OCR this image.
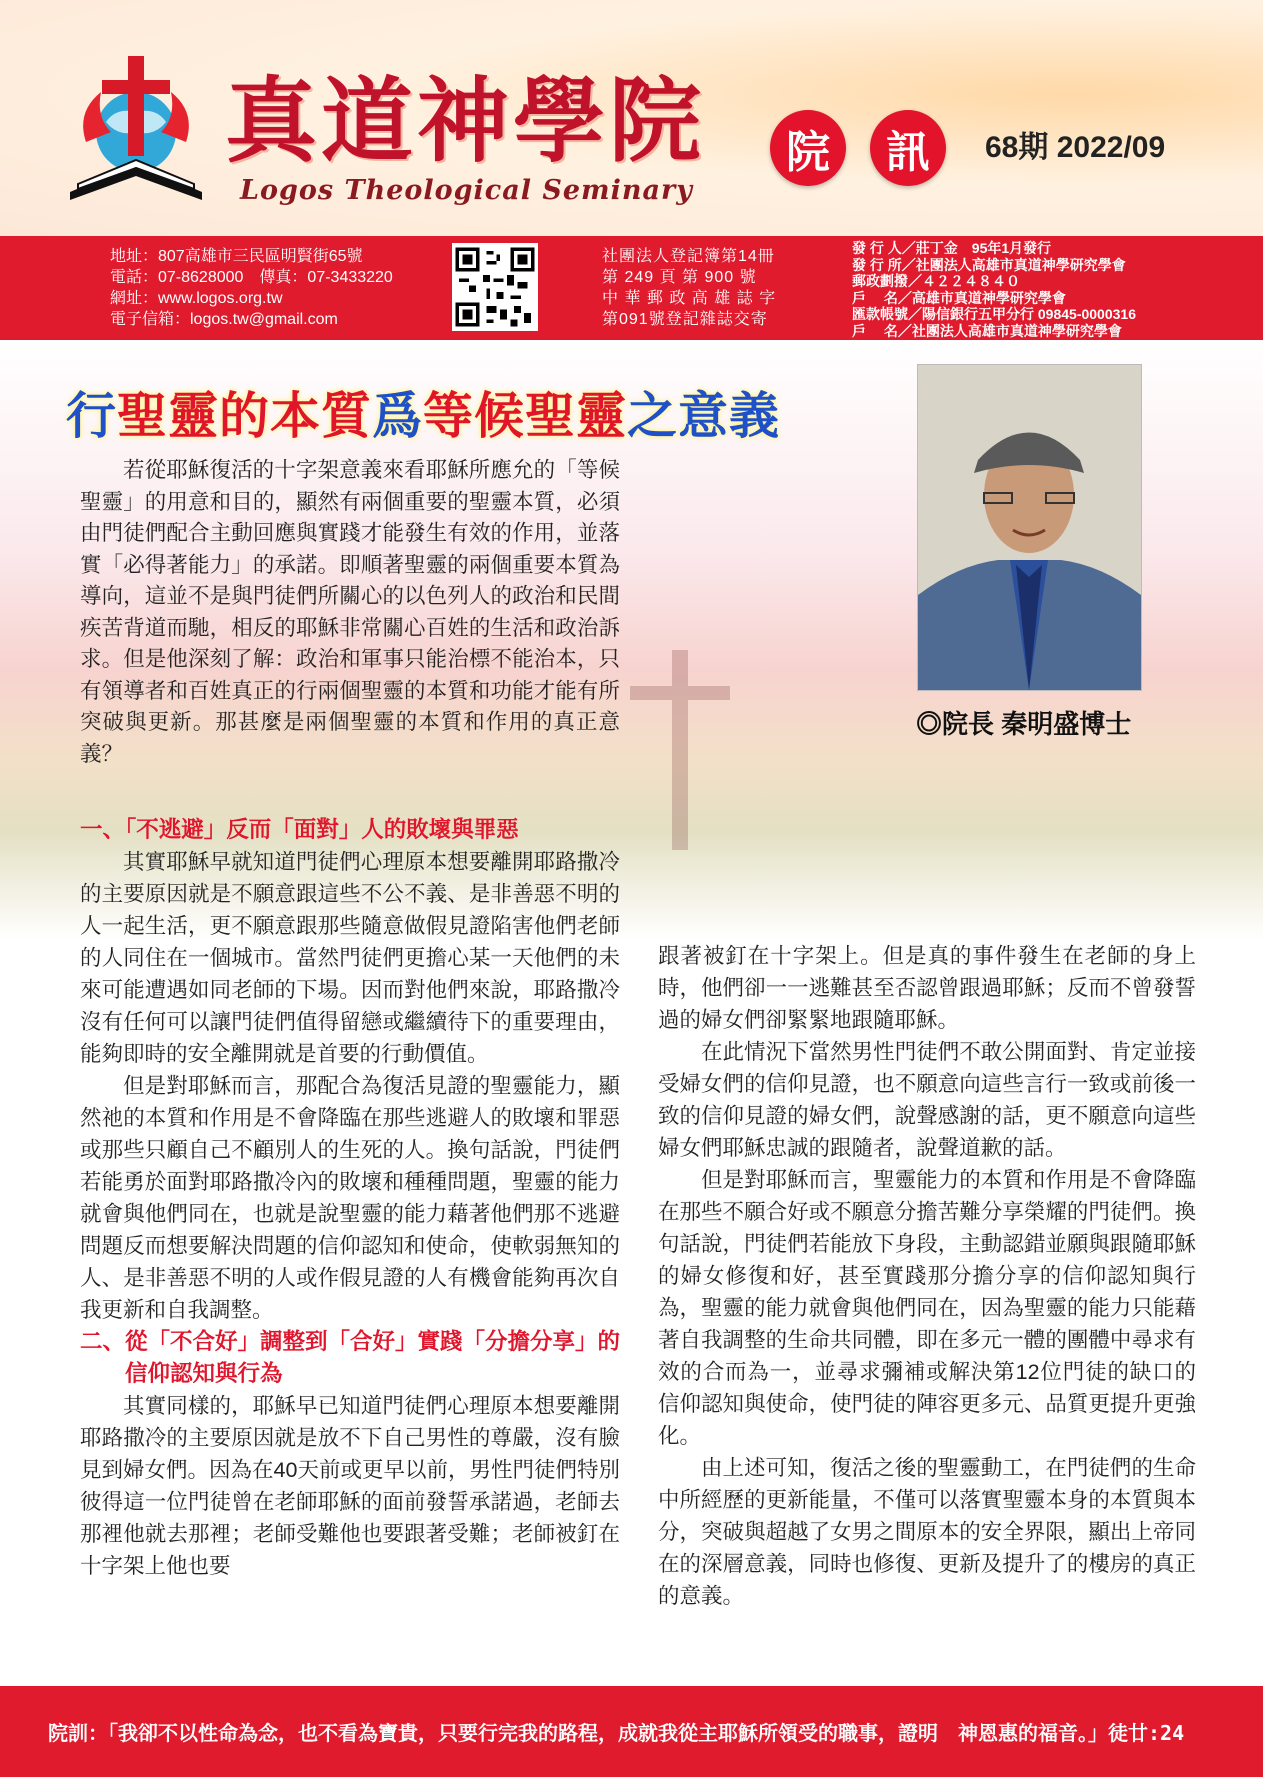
真道神學院
Logos Theological Seminary
院	訊	68期 2022/09
地址：807高雄市三民區明賢街65號
電話：07-8628000　傳真：07-3433220
網址：www.logos.org.tw
電子信箱：logos.tw@gmail.com
社團法人登記簿第14冊
第 249 頁 第 900 號
中 華 郵 政 高 雄 誌 字
第091號登記雜誌交寄
發 行 人／莊丁金　95年1月發行
發 行 所／社團法人高雄市真道神學研究學會
郵政劃撥／４２２４８４０
戶　 名／高雄市真道神學研究學會
匯款帳號／陽信銀行五甲分行 09845-0000316
戶　 名／社團法人高雄市真道神學研究學會
行聖靈的本質爲等候聖靈之意義
◎院長 秦明盛博士

若從耶穌復活的十字架意義來看耶穌所應允的「等候聖靈」的用意和目的，顯然有兩個重要的聖靈本質，必須由門徒們配合主動回應與實踐才能發生有效的作用，並落實「必得著能力」的承諾。即順著聖靈的兩個重要本質為導向，這並不是與門徒們所關心的以色列人的政治和民間疾苦背道而馳，相反的耶穌非常關心百姓的生活和政治訴求。但是他深刻了解：政治和軍事只能治標不能治本，只有領導者和百姓真正的行兩個聖靈的本質和功能才能有所突破與更新。那甚麼是兩個聖靈的本質和作用的真正意義？

一、「不逃避」反而「面對」人的敗壞與罪惡

其實耶穌早就知道門徒們心理原本想要離開耶路撒冷的主要原因就是不願意跟這些不公不義、是非善惡不明的人一起生活，更不願意跟那些隨意做假見證陷害他們老師的人同住在一個城市。當然門徒們更擔心某一天他們的未來可能遭遇如同老師的下場。因而對他們來說，耶路撒冷沒有任何可以讓門徒們值得留戀或繼續待下的重要理由，能夠即時的安全離開就是首要的行動價值。

但是對耶穌而言，那配合為復活見證的聖靈能力，顯然祂的本質和作用是不會降臨在那些逃避人的敗壞和罪惡或那些只顧自己不顧別人的生死的人。換句話說，門徒們若能勇於面對耶路撒冷內的敗壞和種種問題，聖靈的能力就會與他們同在，也就是說聖靈的能力藉著他們那不逃避問題反而想要解決問題的信仰認知和使命，使軟弱無知的人、是非善惡不明的人或作假見證的人有機會能夠再次自我更新和自我調整。

二、從「不合好」調整到「合好」實踐「分擔分享」的信仰認知與行為

其實同樣的，耶穌早已知道門徒們心理原本想要離開耶路撒冷的主要原因就是放不下自己男性的尊嚴，沒有臉見到婦女們。因為在40天前或更早以前，男性門徒們特別彼得這一位門徒曾在老師耶穌的面前發誓承諾過，老師去那裡他就去那裡；老師受難他也要跟著受難；老師被釘在十字架上他也要

跟著被釘在十字架上。但是真的事件發生在老師的身上時，他們卻一一逃難甚至否認曾跟過耶穌；反而不曾發誓過的婦女們卻緊緊地跟隨耶穌。

在此情況下當然男性門徒們不敢公開面對、肯定並接受婦女們的信仰見證，也不願意向這些言行一致或前後一致的信仰見證的婦女們，說聲感謝的話，更不願意向這些婦女們耶穌忠誠的跟隨者，說聲道歉的話。

但是對耶穌而言，聖靈能力的本質和作用是不會降臨在那些不願合好或不願意分擔苦難分享榮耀的門徒們。換句話說，門徒們若能放下身段，主動認錯並願與跟隨耶穌的婦女修復和好，甚至實踐那分擔分享的信仰認知與行為，聖靈的能力就會與他們同在，因為聖靈的能力只能藉著自我調整的生命共同體，即在多元一體的團體中尋求有效的合而為一，並尋求彌補或解決第12位門徒的缺口的信仰認知與使命，使門徒的陣容更多元、品質更提升更強化。

由上述可知，復活之後的聖靈動工，在門徒們的生命中所經歷的更新能量，不僅可以落實聖靈本身的本質與本分，突破與超越了女男之間原本的安全界限，顯出上帝同在的深層意義，同時也修復、更新及提升了的樓房的真正的意義。

院訓：「我卻不以性命為念，也不看為寶貴，只要行完我的路程，成就我從主耶穌所領受的職事，證明　神恩惠的福音。」徒廿:24
